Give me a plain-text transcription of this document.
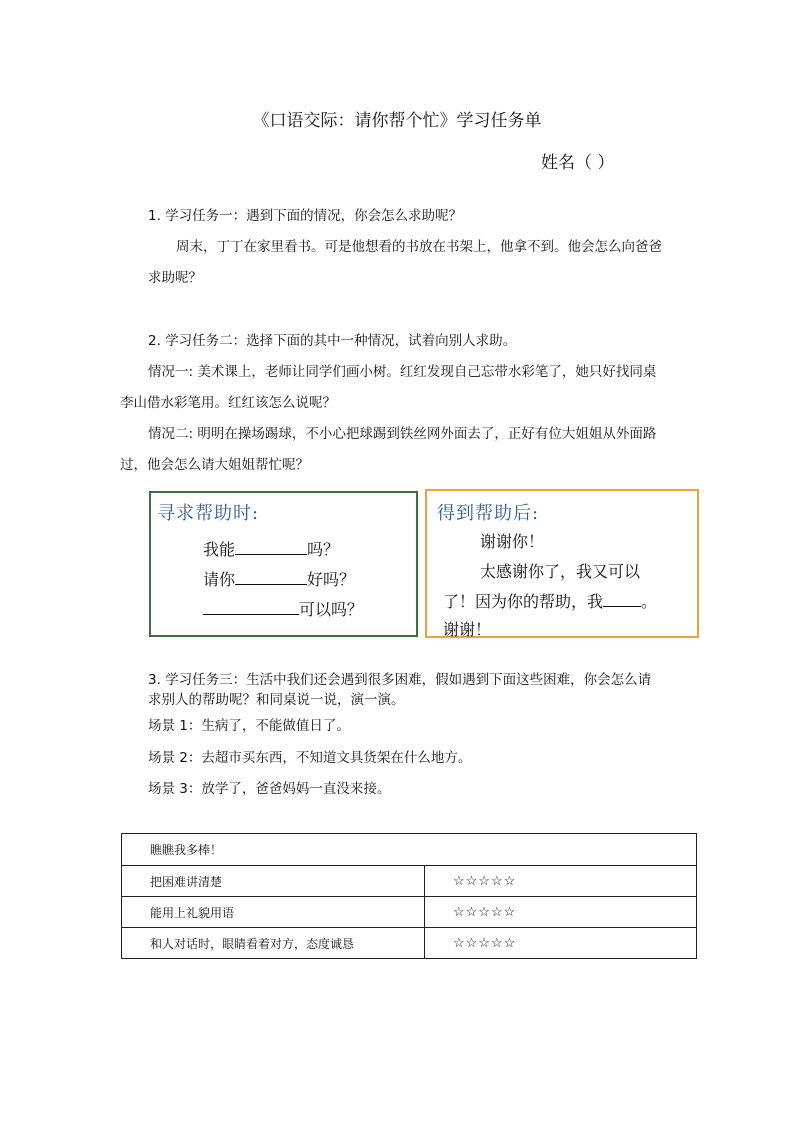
《口语交际：请你帮个忙》学习任务单
姓名（ ）
1. 学习任务一：遇到下面的情况，你会怎么求助呢？
周末，丁丁在家里看书。可是他想看的书放在书架上，他拿不到。他会怎么向爸爸
求助呢？
2. 学习任务二：选择下面的其中一种情况，试着向别人求助。
情况一: 美术课上，老师让同学们画小树。红红发现自己忘带水彩笔了，她只好找同桌
李山借水彩笔用。红红该怎么说呢？
情况二: 明明在操场踢球，不小心把球踢到铁丝网外面去了，正好有位大姐姐从外面路
过，他会怎么请大姐姐帮忙呢？
寻求帮助时:
我能	吗？
请你	好吗？
可以吗？
得到帮助后:
谢谢你！
太感谢你了，我又可以
了！因为你的帮助，我 。
谢谢！
3. 学习任务三：生活中我们还会遇到很多困难，假如遇到下面这些困难，你会怎么请
求别人的帮助呢？和同桌说一说，演一演。
场景 1：生病了，不能做值日了。
场景 2：去超市买东西，不知道文具货架在什么地方。
场景 3：放学了，爸爸妈妈一直没来接。
瞧瞧我多棒！	
把困难讲清楚	☆☆☆☆☆
能用上礼貌用语	☆☆☆☆☆
和人对话时，眼睛看着对方，态度诚恳	☆☆☆☆☆
